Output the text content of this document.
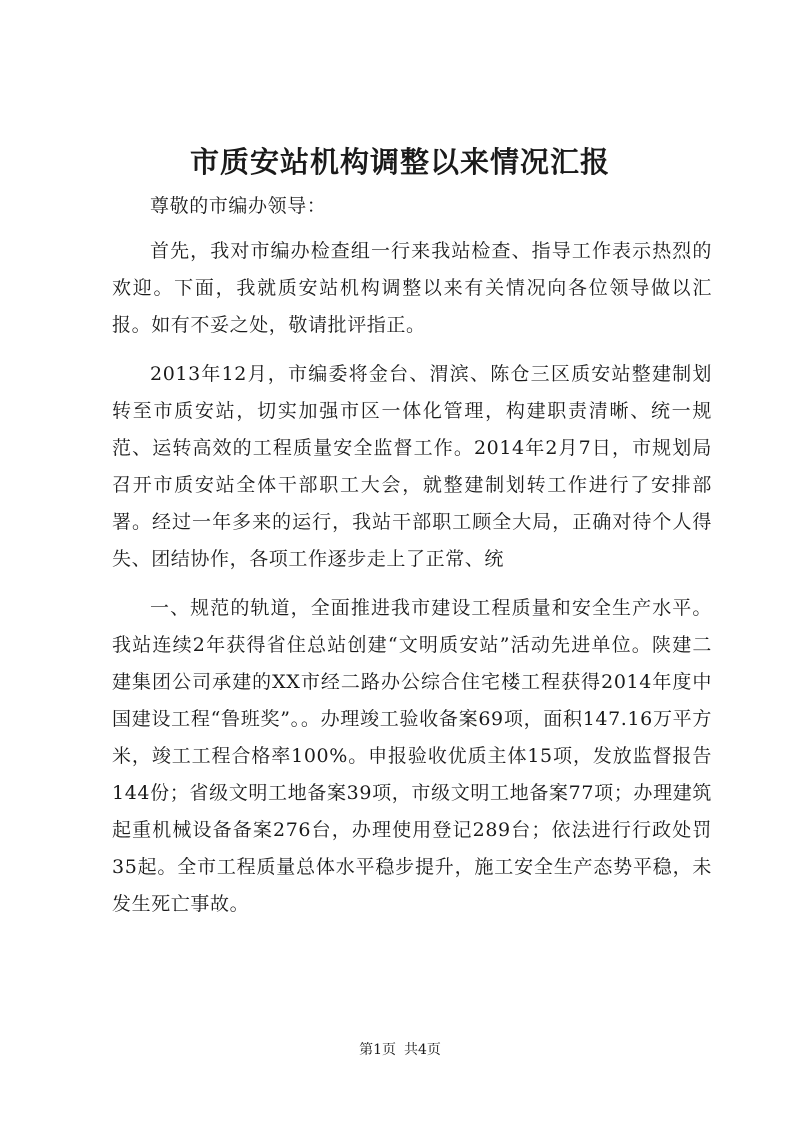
市质安站机构调整以来情况汇报

尊敬的市编办领导：

首先，我对市编办检查组一行来我站检查、指导工作表示热烈的欢迎。下面，我就质安站机构调整以来有关情况向各位领导做以汇报。如有不妥之处，敬请批评指正。

2013年12月，市编委将金台、渭滨、陈仓三区质安站整建制划转至市质安站，切实加强市区一体化管理，构建职责清晰、统一规范、运转高效的工程质量安全监督工作。2014年2月7日，市规划局召开市质安站全体干部职工大会，就整建制划转工作进行了安排部署。经过一年多来的运行，我站干部职工顾全大局，正确对待个人得失、团结协作，各项工作逐步走上了正常、统

一、规范的轨道，全面推进我市建设工程质量和安全生产水平。我站连续2年获得省住总站创建“文明质安站”活动先进单位。陕建二建集团公司承建的XX市经二路办公综合住宅楼工程获得2014年度中国建设工程“鲁班奖”。。办理竣工验收备案69项，面积147.16万平方米，竣工工程合格率100%。申报验收优质主体15项，发放监督报告144份；省级文明工地备案39项，市级文明工地备案77项；办理建筑起重机械设备备案276台，办理使用登记289台；依法进行行政处罚35起。全市工程质量总体水平稳步提升，施工安全生产态势平稳，未发生死亡事故。

第1页 共4页
